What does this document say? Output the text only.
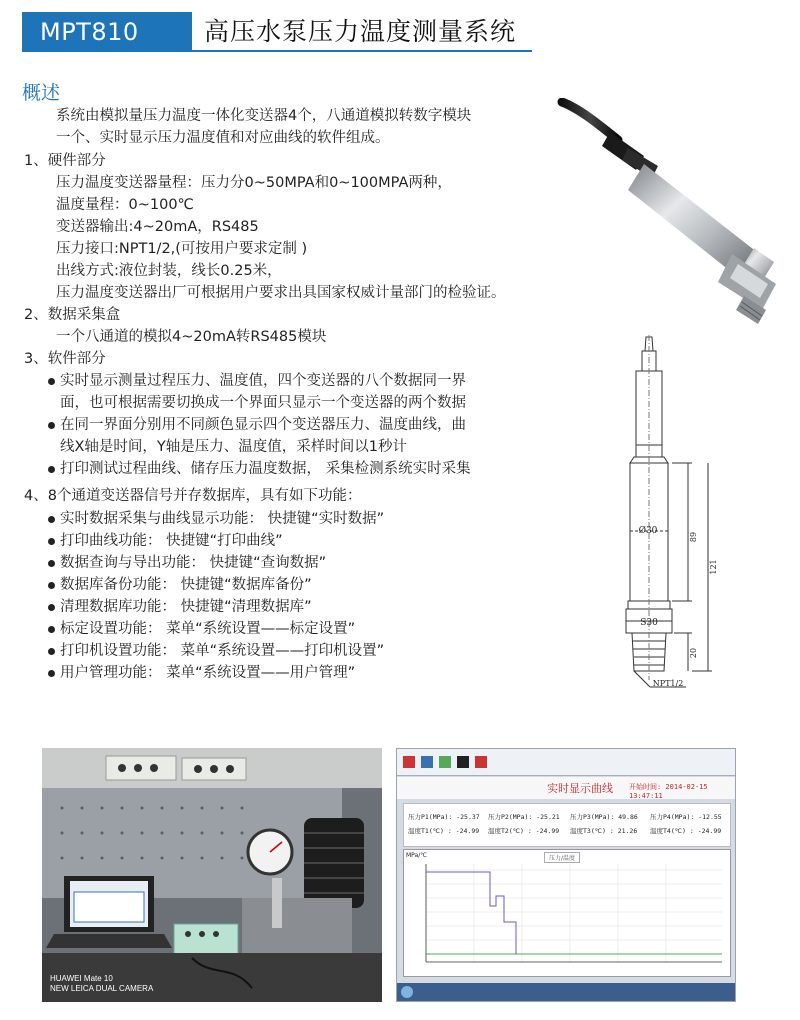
MPT810	高压水泵压力温度测量系统
概述
系统由模拟量压力温度一体化变送器4个，八通道模拟转数字模块
一个、实时显示压力温度值和对应曲线的软件组成。
1、硬件部分
压力温度变送器量程：压力分0~50MPA和0~100MPA两种，
温度量程：0~100℃
变送器输出:4~20mA，RS485
压力接口:NPT1/2,(可按用户要求定制 )
出线方式:液位封装，线长0.25米，
压力温度变送器出厂可根据用户要求出具国家权威计量部门的检验证。
2、数据采集盒
一个八通道的模拟4~20mA转RS485模块
3、软件部分
实时显示测量过程压力、温度值，四个变送器的八个数据同一界
面，也可根据需要切换成一个界面只显示一个变送器的两个数据
在同一界面分别用不同颜色显示四个变送器压力、温度曲线，曲
线X轴是时间，Y轴是压力、温度值，采样时间以1秒计
打印测试过程曲线、储存压力温度数据， 采集检测系统实时采集
4、8个通道变送器信号并存数据库，具有如下功能：
实时数据采集与曲线显示功能： 快捷键“实时数据”
打印曲线功能： 快捷键“打印曲线”
数据查询与导出功能： 快捷键“查询数据”
数据库备份功能： 快捷键“数据库备份”
清理数据库功能： 快捷键“清理数据库”
标定设置功能： 菜单“系统设置——标定设置”
打印机设置功能： 菜单“系统设置——打印机设置”
用户管理功能： 菜单“系统设置——用户管理”
Ø30
S30
NPT1/2
89
121
20
HUAWEI Mate 10
NEW LEICA DUAL CAMERA
实时显示曲线 开始时间: 2014-02-15 13:47:11
压力P1(MPa): -25.37
温度T1(℃) : -24.99
压力P2(MPa): -25.21
温度T2(℃) : -24.99
压力P3(MPa): 49.86
温度T3(℃) : 21.26
压力P4(MPa): -12.55
温度T4(℃) : -24.99
MPa/℃	压力/温度
